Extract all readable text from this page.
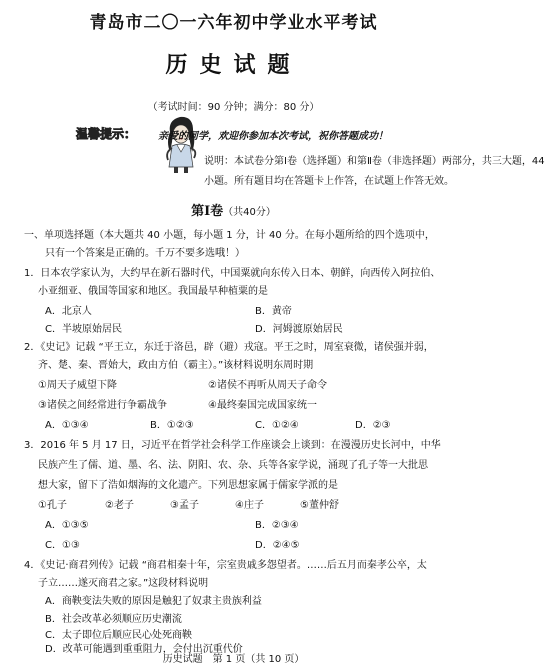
青岛市二〇一六年初中学业水平考试
历史试题
（考试时间：90 分钟；满分：80 分）
温馨提示： 亲爱的同学，欢迎你参加本次考试，祝你答题成功！
说明：本试卷分第Ⅰ卷（选择题）和第Ⅱ卷（非选择题）两部分，共三大题，44
小题。所有题目均在答题卡上作答，在试题上作答无效。
第Ⅰ卷（共40分）
一、单项选择题（本大题共 40 小题，每小题 1 分，计 40 分。在每小题所给的四个选项中，
只有一个答案是正确的。千万不要多选哦！）
1．日本农学家认为，大约早在新石器时代，中国粟就向东传入日本、朝鲜，向西传入阿拉伯、
小亚细亚、俄国等国家和地区。我国最早种植粟的是
A．北京人	B．黄帝
C．半坡原始居民	D．河姆渡原始居民
2．《史记》记载 “平王立，东迁于洛邑，辟（避）戎寇。平王之时，周室衰微，诸侯强并弱，
齐、楚、秦、晋始大，政由方伯（霸主）。”该材料说明东周时期
①周天子威望下降	②诸侯不再听从周天子命令
③诸侯之间经常进行争霸战争	④最终秦国完成国家统一
A．①③④	B．①②③	C．①②④	D．②③
3．2016 年 5 月 17 日，习近平在哲学社会科学工作座谈会上谈到：在漫漫历史长河中，中华
民族产生了儒、道、墨、名、法、阴阳、农、杂、兵等各家学说，涌现了孔子等一大批思
想大家，留下了浩如烟海的文化遗产。下列思想家属于儒家学派的是
①孔子	②老子	③孟子	④庄子	⑤董仲舒
A．①③⑤	B．②③④
C．①③	D．②④⑤
4．《史记·商君列传》记载 “商君相秦十年，宗室贵戚多怨望者。……后五月而秦孝公卒，太
子立……遂灭商君之家。”这段材料说明
A．商鞅变法失败的原因是触犯了奴隶主贵族利益
B．社会改革必须顺应历史潮流
C．太子即位后顺应民心处死商鞅
D．改革可能遇到重重阻力，会付出沉重代价
历史试题　第 1 页（共 10 页）
